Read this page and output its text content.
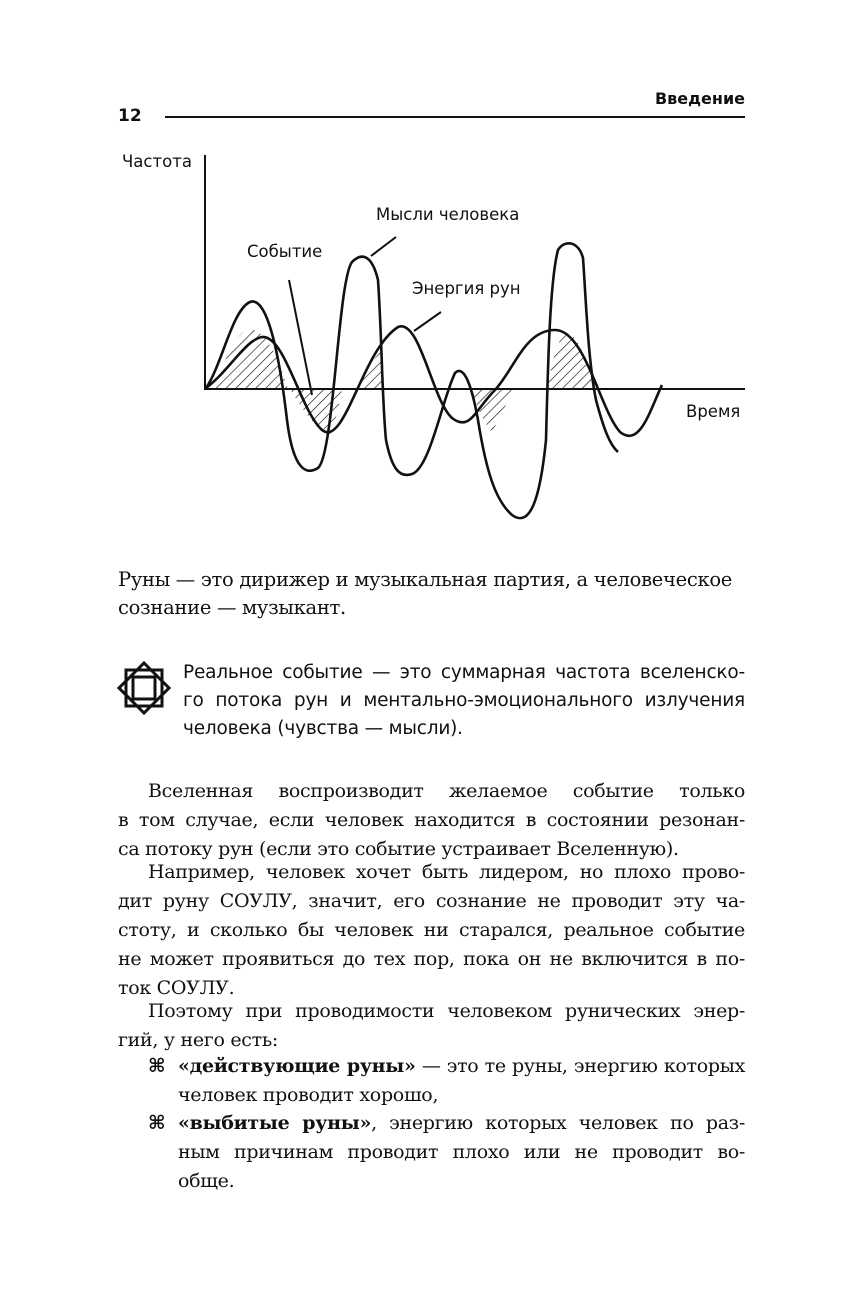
Введение
12
Частота
Время
Событие
Мысли человека
Энергия рун
Руны — это дирижер и музыкальная партия, а человеческое
сознание — музыкант.
Реальное событие — это суммарная частота вселенско-
го потока рун и ментально-эмоционального излучения
человека (чувства — мысли).
Вселенная воспроизводит желаемое событие только
в том случае, если человек находится в состоянии резонан-
са потоку рун (если это событие устраивает Вселенную).
Например, человек хочет быть лидером, но плохо прово-
дит руну СОУЛУ, значит, его сознание не проводит эту ча-
стоту, и сколько бы человек ни старался, реальное событие
не может проявиться до тех пор, пока он не включится в по-
ток СОУЛУ.
Поэтому при проводимости человеком рунических энер-
гий, у него есть:
⌘ «действующие руны» — это те руны, энергию которых
человек проводит хорошо,
⌘ «выбитые руны», энергию которых человек по раз-
ным причинам проводит плохо или не проводит во-
обще.
